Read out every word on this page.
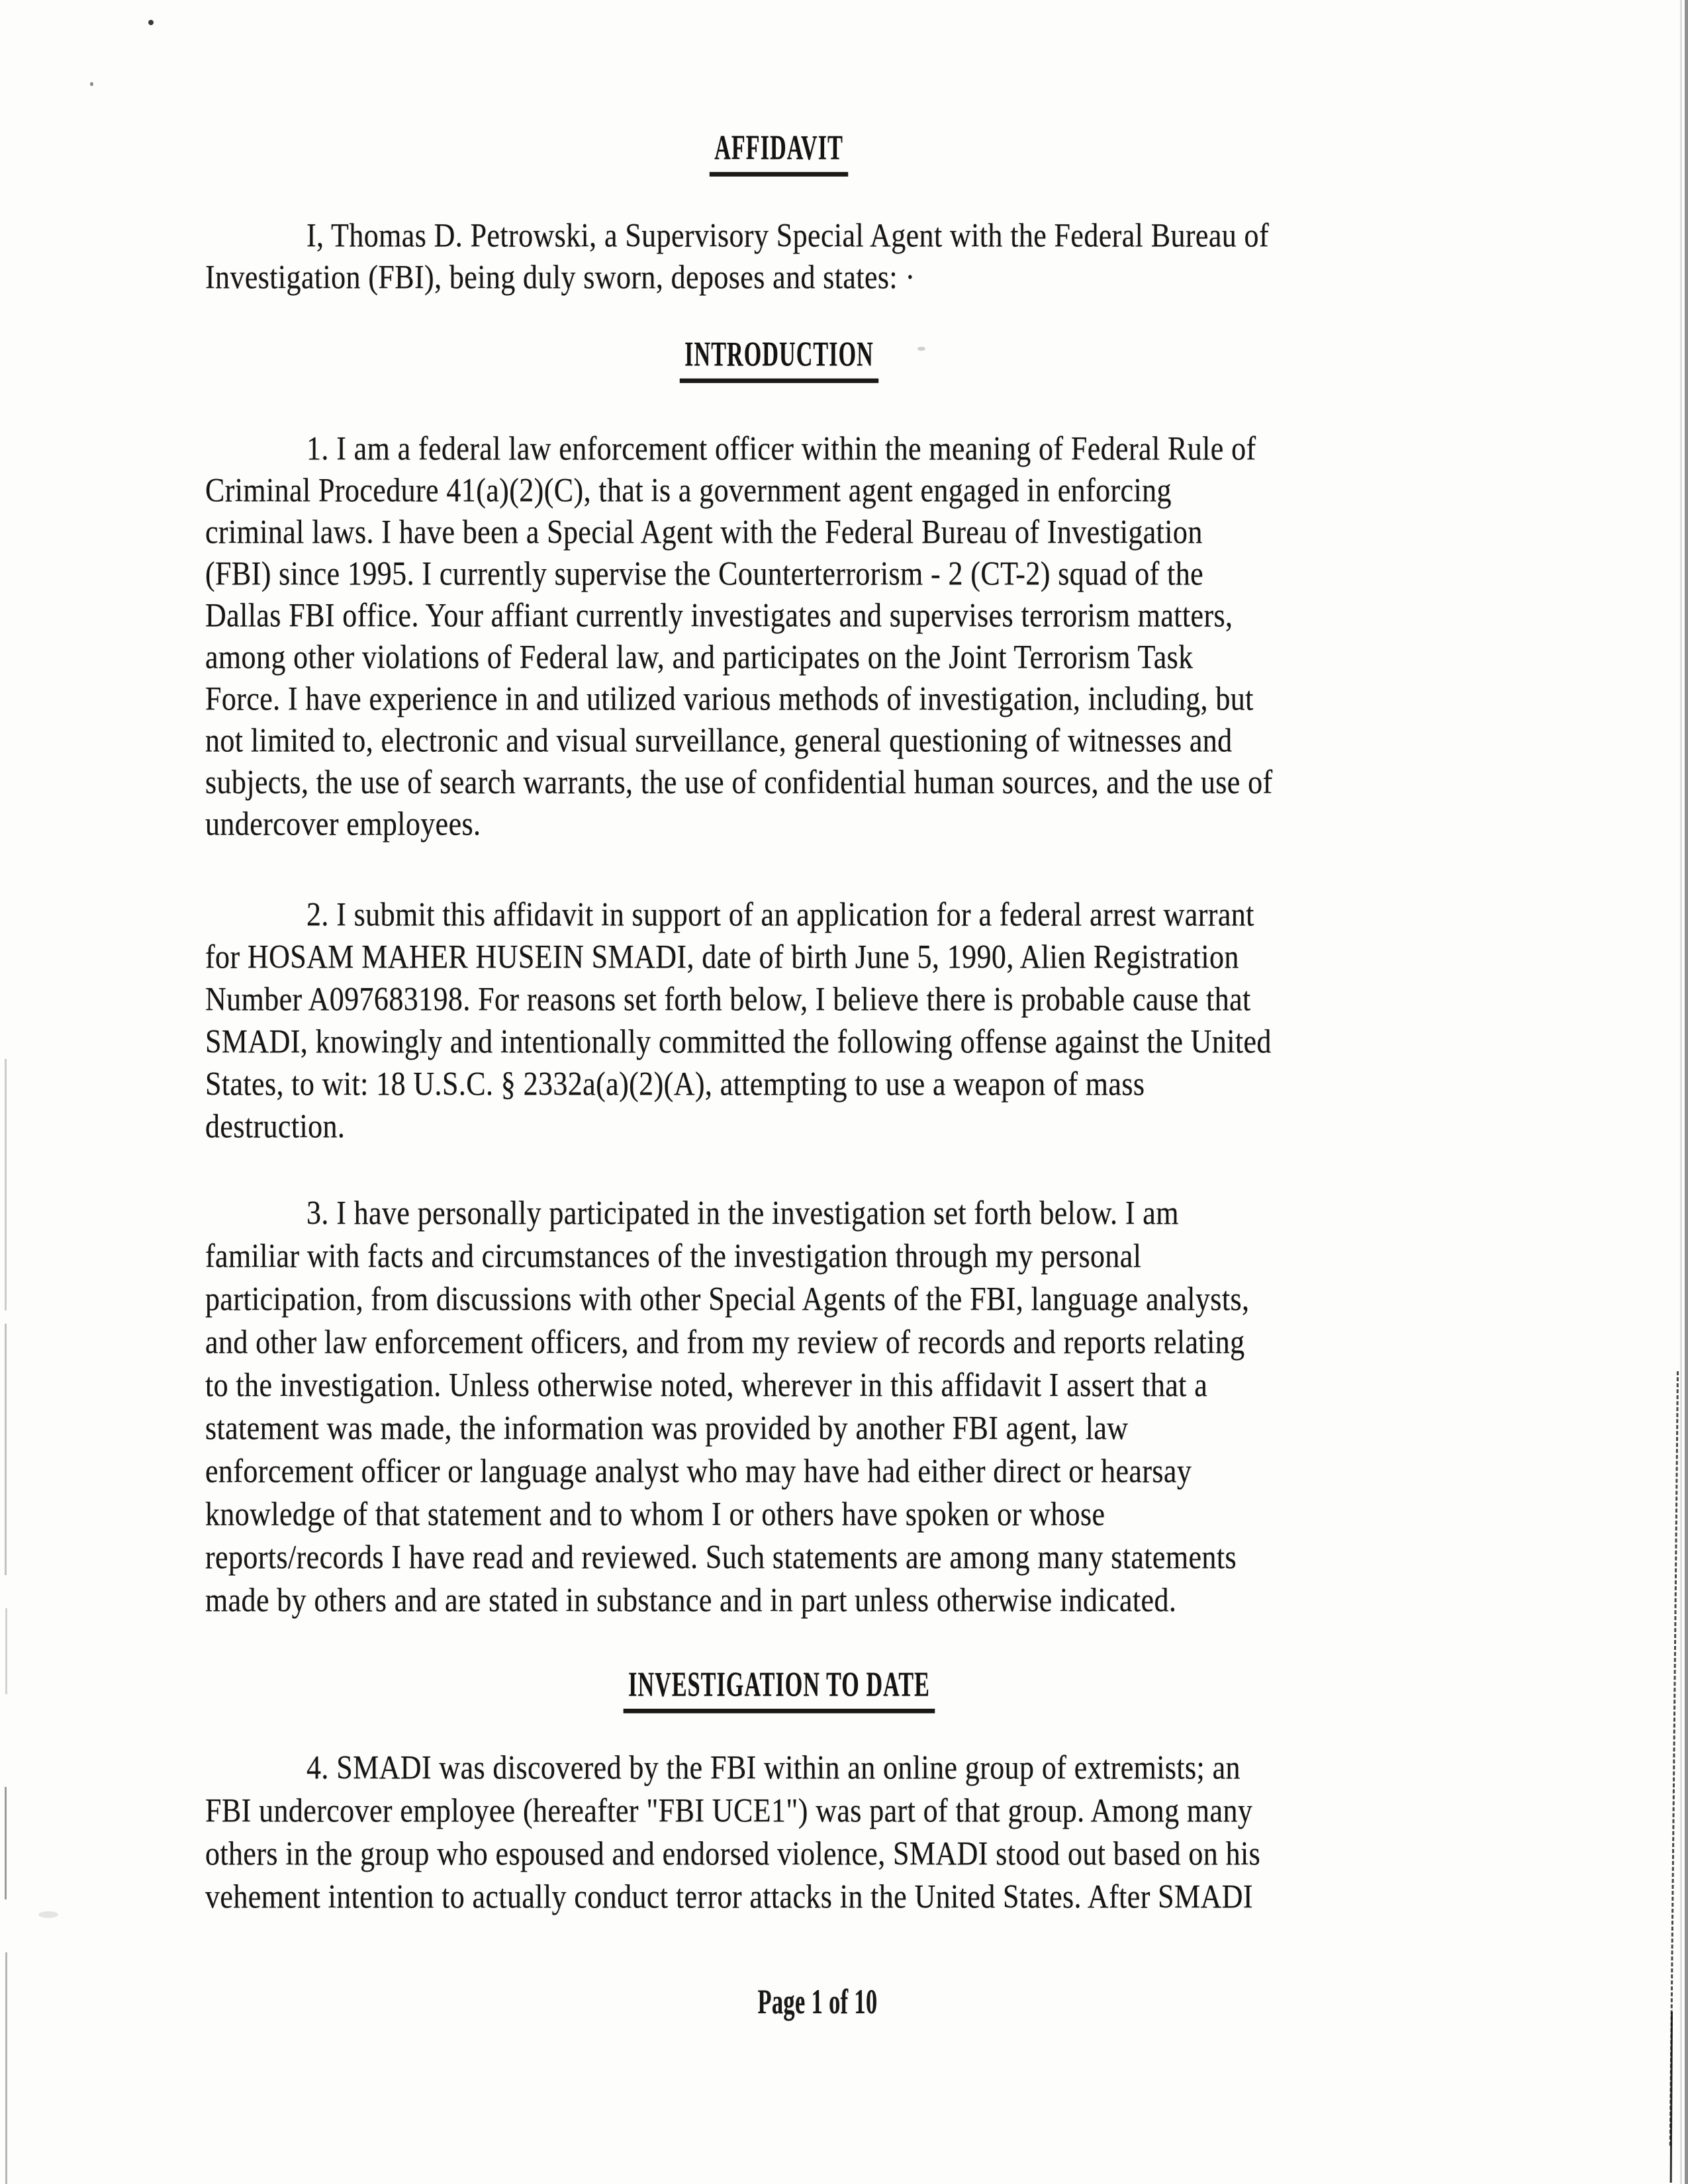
AFFIDAVIT
I, Thomas D. Petrowski, a Supervisory Special Agent with the Federal Bureau of
Investigation (FBI), being duly sworn, deposes and states: ·
INTRODUCTION
1. I am a federal law enforcement officer within the meaning of Federal Rule of
Criminal Procedure 41(a)(2)(C), that is a government agent engaged in enforcing
criminal laws. I have been a Special Agent with the Federal Bureau of Investigation
(FBI) since 1995. I currently supervise the Counterterrorism - 2 (CT-2) squad of the
Dallas FBI office. Your affiant currently investigates and supervises terrorism matters,
among other violations of Federal law, and participates on the Joint Terrorism Task
Force. I have experience in and utilized various methods of investigation, including, but
not limited to, electronic and visual surveillance, general questioning of witnesses and
subjects, the use of search warrants, the use of confidential human sources, and the use of
undercover employees.
2. I submit this affidavit in support of an application for a federal arrest warrant
for HOSAM MAHER HUSEIN SMADI, date of birth June 5, 1990, Alien Registration
Number A097683198. For reasons set forth below, I believe there is probable cause that
SMADI, knowingly and intentionally committed the following offense against the United
States, to wit: 18 U.S.C. § 2332a(a)(2)(A), attempting to use a weapon of mass
destruction.
3. I have personally participated in the investigation set forth below. I am
familiar with facts and circumstances of the investigation through my personal
participation, from discussions with other Special Agents of the FBI, language analysts,
and other law enforcement officers, and from my review of records and reports relating
to the investigation. Unless otherwise noted, wherever in this affidavit I assert that a
statement was made, the information was provided by another FBI agent, law
enforcement officer or language analyst who may have had either direct or hearsay
knowledge of that statement and to whom I or others have spoken or whose
reports/records I have read and reviewed. Such statements are among many statements
made by others and are stated in substance and in part unless otherwise indicated.
INVESTIGATION TO DATE
4. SMADI was discovered by the FBI within an online group of extremists; an
FBI undercover employee (hereafter "FBI UCE1") was part of that group. Among many
others in the group who espoused and endorsed violence, SMADI stood out based on his
vehement intention to actually conduct terror attacks in the United States. After SMADI
Page 1 of 10
